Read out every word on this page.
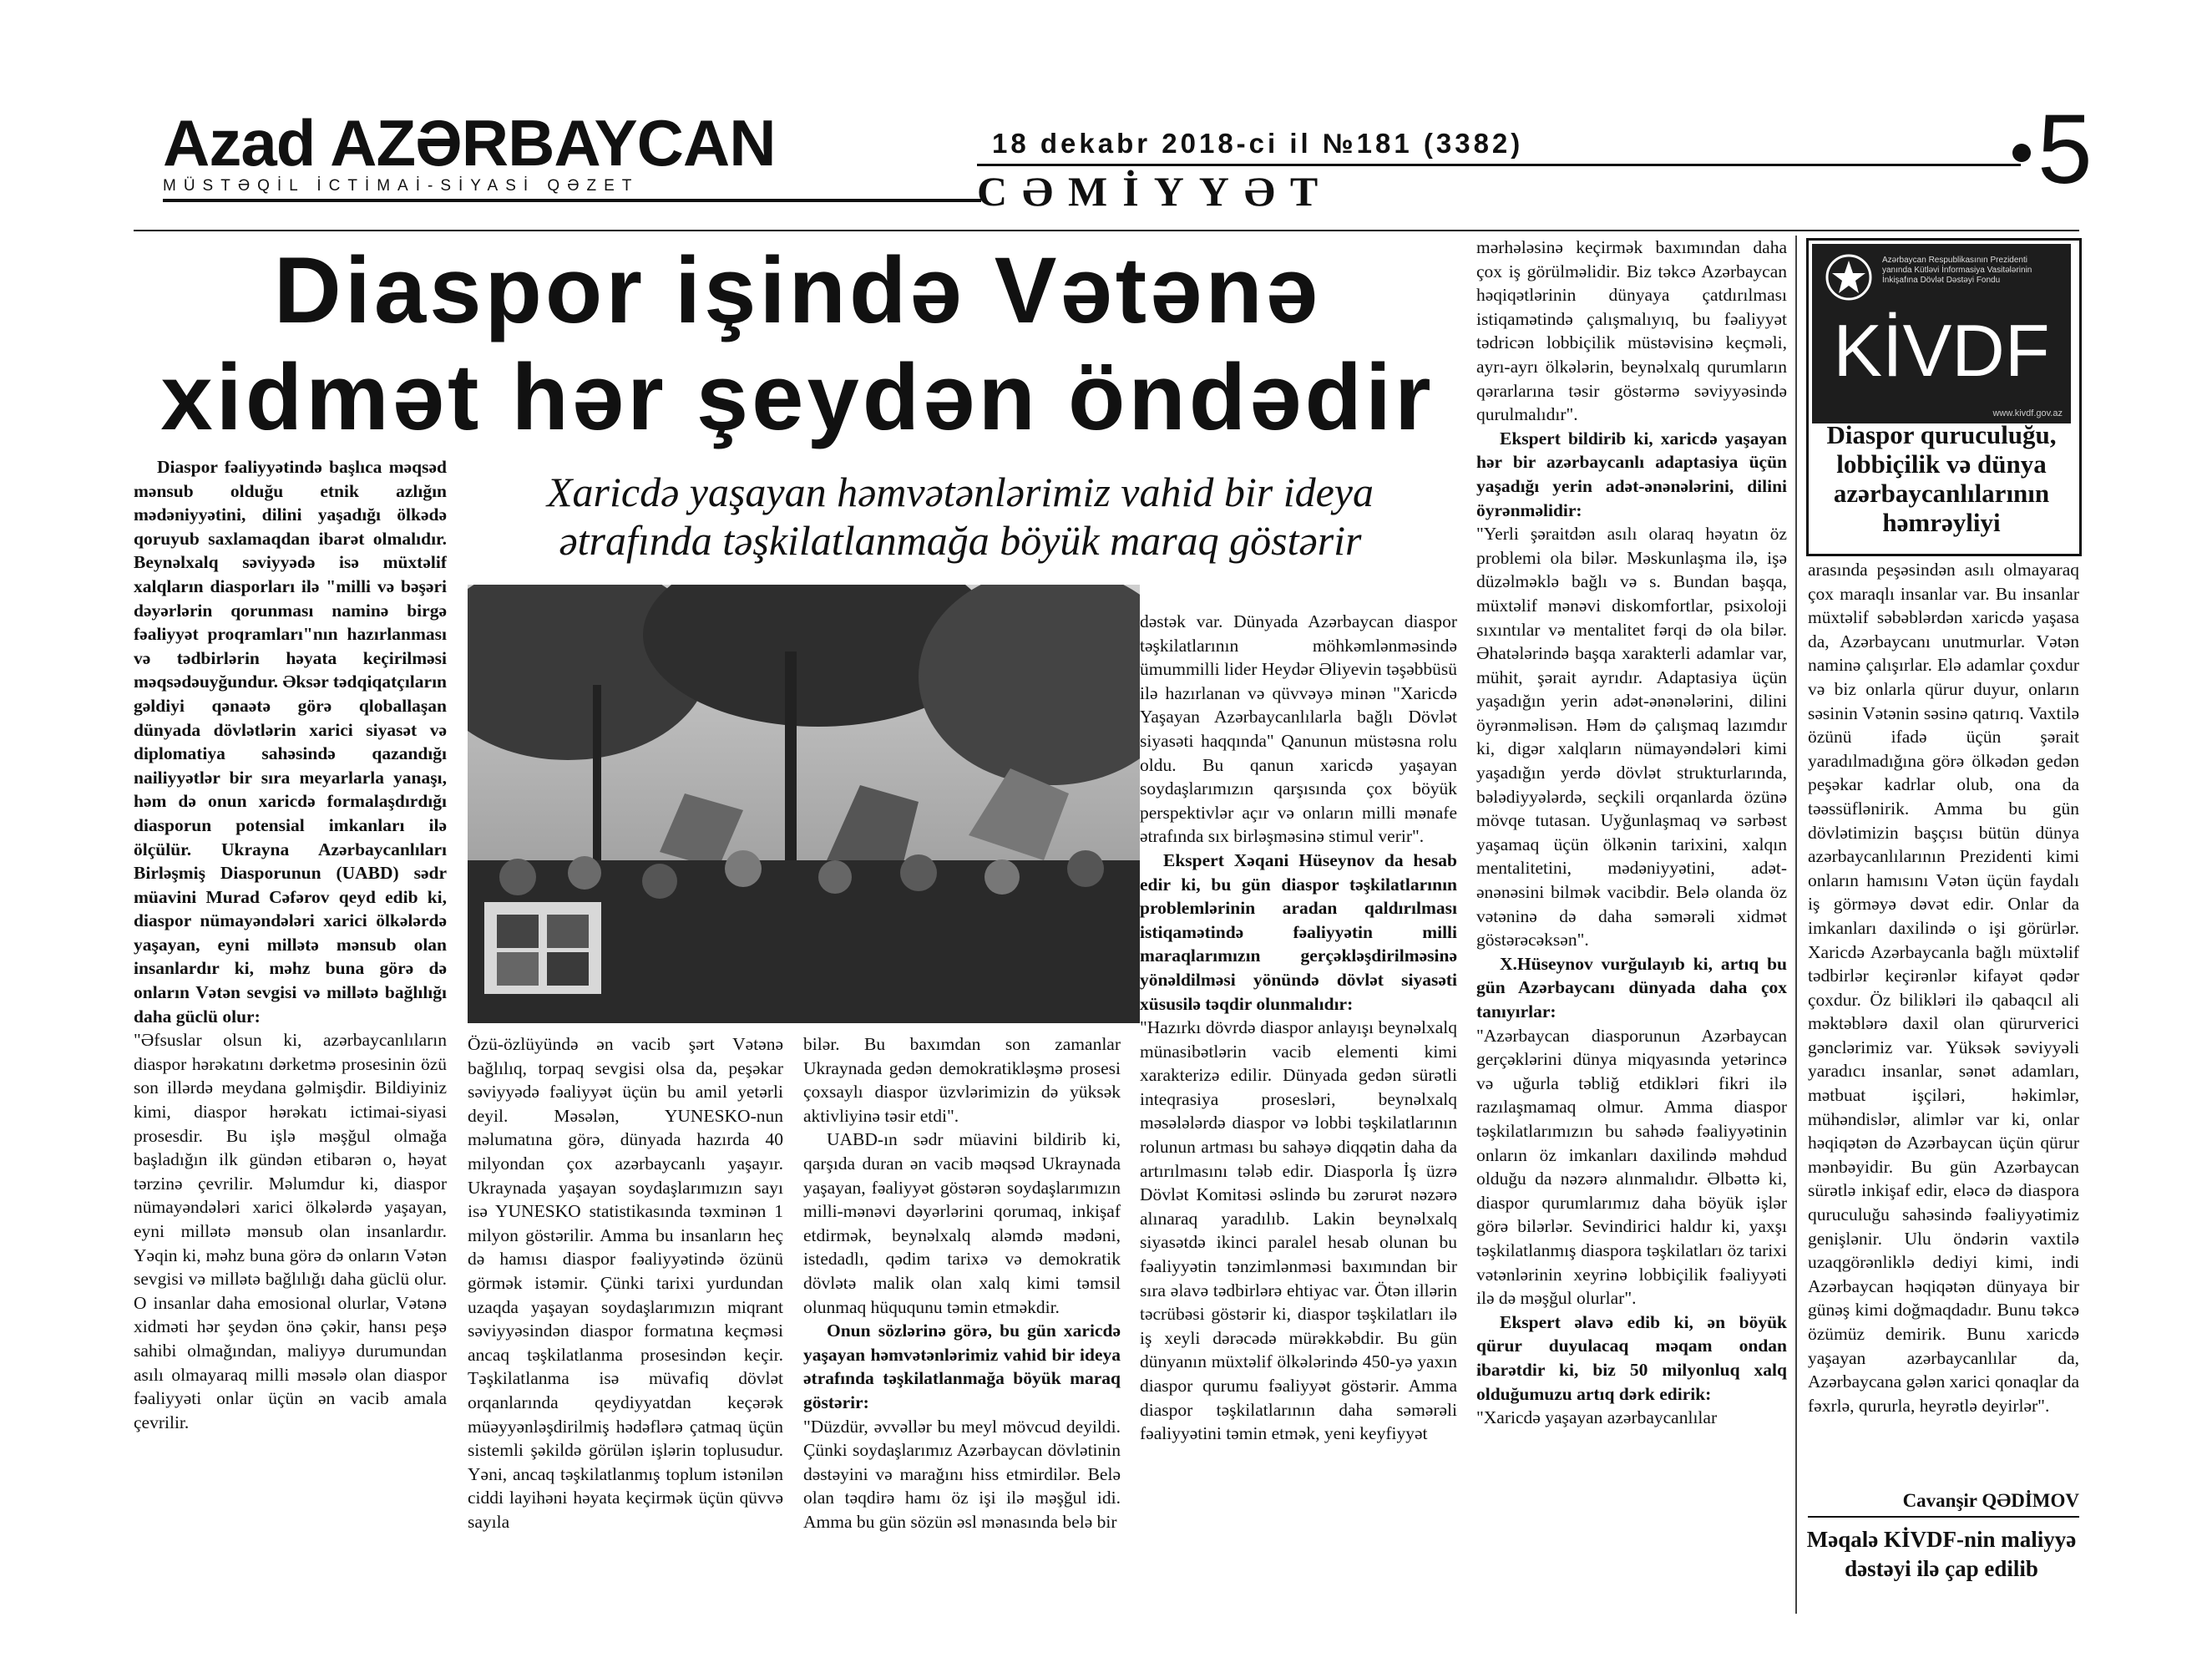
Azad AZƏRBAYCAN
MÜSTƏQİL İCTİMAİ-SİYASİ QƏZET
18 dekabr 2018-ci il №181 (3382)
CƏMİYYƏT	5
Diaspor işində Vətənə
xidmət hər şeydən öndədir
Xaricdə yaşayan həmvətənlərimiz vahid bir ideya
ətrafında təşkilatlanmağa böyük maraq göstərir

Diaspor fəaliyyətində başlıca məqsəd mənsub olduğu etnik azlığın mədəniyyətini, dilini yaşadığı ölkədə qoruyub saxlamaqdan ibarət olmalıdır. Beynəlxalq səviyyədə isə müxtəlif xalqların diasporları ilə "milli və bəşəri dəyərlərin qorunması naminə birgə fəaliyyət proqramları"nın hazırlanması və tədbirlərin həyata keçirilməsi məqsədəuyğundur. Əksər tədqiqatçıların gəldiyi qənaətə görə qloballaşan dünyada dövlətlərin xarici siyasət və diplomatiya sahəsində qazandığı nailiyyətlər bir sıra meyarlarla yanaşı, həm də onun xaricdə formalaşdırdığı diasporun potensial imkanları ilə ölçülür. Ukrayna Azərbaycanlıları Birləşmiş Diasporunun (UABD) sədr müavini Murad Cəfərov qeyd edib ki, diaspor nümayəndələri xarici ölkələrdə yaşayan, eyni millətə mənsub olan insanlardır ki, məhz buna görə də onların Vətən sevgisi və millətə bağlılığı daha güclü olur:

"Əfsuslar olsun ki, azərbaycanlıların diaspor hərəkatını dərketmə prosesinin özü son illərdə meydana gəlmişdir. Bildiyiniz kimi, diaspor hərəkatı ictimai-siyasi prosesdir. Bu işlə məşğul olmağa başladığın ilk gündən etibarən o, həyat tərzinə çevrilir. Məlumdur ki, diaspor nümayəndələri xarici ölkələrdə yaşayan, eyni millətə mənsub olan insanlardır. Yəqin ki, məhz buna görə də onların Vətən sevgisi və millətə bağlılığı daha güclü olur. O insanlar daha emosional olurlar, Vətənə xidməti hər şeydən önə çəkir, hansı peşə sahibi olmağından, maliyyə durumundan asılı olmayaraq milli məsələ olan diaspor fəaliyyəti onlar üçün ən vacib amala çevrilir.

Özü-özlüyündə ən vacib şərt Vətənə bağlılıq, torpaq sevgisi olsa da, peşəkar səviyyədə fəaliyyət üçün bu amil yetərli deyil. Məsələn, YUNESKO-nun məlumatına görə, dünyada hazırda 40 milyondan çox azərbaycanlı yaşayır. Ukraynada yaşayan soydaşlarımızın sayı isə YUNESKO statistikasında təxminən 1 milyon göstərilir. Amma bu insanların heç də hamısı diaspor fəaliyyətində özünü görmək istəmir. Çünki tarixi yurdundan uzaqda yaşayan soydaşlarımızın miqrant səviyyəsindən diaspor formatına keçməsi ancaq təşkilatlanma prosesindən keçir. Təşkilatlanma isə müvafiq dövlət orqanlarında qeydiyyatdan keçərək müəyyənləşdirilmiş hədəflərə çatmaq üçün sistemli şəkildə görülən işlərin toplusudur. Yəni, ancaq təşkilatlanmış toplum istənilən ciddi layihəni həyata keçirmək üçün qüvvə sayıla

bilər. Bu baxımdan son zamanlar Ukraynada gedən demokratikləşmə prosesi çoxsaylı diaspor üzvlərimizin də yüksək aktivliyinə təsir etdi".

UABD-ın sədr müavini bildirib ki, qarşıda duran ən vacib məqsəd Ukraynada yaşayan, fəaliyyət göstərən soydaşlarımızın milli-mənəvi dəyərlərini qorumaq, inkişaf etdirmək, beynəlxalq aləmdə mədəni, istedadlı, qədim tarixə və demokratik dövlətə malik olan xalq kimi təmsil olunmaq hüququnu təmin etməkdir.

Onun sözlərinə görə, bu gün xaricdə yaşayan həmvətənlərimiz vahid bir ideya ətrafında təşkilatlanmağa böyük maraq göstərir:

"Düzdür, əvvəllər bu meyl mövcud deyildi. Çünki soydaşlarımız Azərbaycan dövlətinin dəstəyini və marağını hiss etmirdilər. Belə olan təqdirə hamı öz işi ilə məşğul idi. Amma bu gün sözün əsl mənasında belə bir

dəstək var. Dünyada Azərbaycan diaspor təşkilatlarının möhkəmlənməsində ümummilli lider Heydər Əliyevin təşəbbüsü ilə hazırlanan və qüvvəyə minən "Xaricdə Yaşayan Azərbaycanlılarla bağlı Dövlət siyasəti haqqında" Qanunun müstəsna rolu oldu. Bu qanun xaricdə yaşayan soydaşlarımızın qarşısında çox böyük perspektivlər açır və onların milli mənafe ətrafında sıx birləşməsinə stimul verir".

Ekspert Xəqani Hüseynov da hesab edir ki, bu gün diaspor təşkilatlarının problemlərinin aradan qaldırılması istiqamətində fəaliyyətin milli maraqlarımızın gerçəkləşdirilməsinə yönəldilməsi yönündə dövlət siyasəti xüsusilə təqdir olunmalıdır:

"Hazırkı dövrdə diaspor anlayışı beynəlxalq münasibətlərin vacib elementi kimi xarakterizə edilir. Dünyada gedən sürətli inteqrasiya prosesləri, beynəlxalq məsələlərdə diaspor və lobbi təşkilatlarının rolunun artması bu sahəyə diqqətin daha da artırılmasını tələb edir. Diasporla İş üzrə Dövlət Komitəsi əslində bu zərurət nəzərə alınaraq yaradılıb. Lakin beynəlxalq siyasətdə ikinci paralel hesab olunan bu fəaliyyətin tənzimlənməsi baxımından bir sıra əlavə tədbirlərə ehtiyac var. Ötən illərin təcrübəsi göstərir ki, diaspor təşkilatları ilə iş xeyli dərəcədə mürəkkəbdir. Bu gün dünyanın müxtəlif ölkələrində 450-yə yaxın diaspor qurumu fəaliyyət göstərir. Amma diaspor təşkilatlarının daha səmərəli fəaliyyətini təmin etmək, yeni keyfiyyət

mərhələsinə keçirmək baxımından daha çox iş görülməlidir. Biz təkcə Azərbaycan həqiqətlərinin dünyaya çatdırılması istiqamətində çalışmalıyıq, bu fəaliyyət tədricən lobbiçilik müstəvisinə keçməli, ayrı-ayrı ölkələrin, beynəlxalq qurumların qərarlarına təsir göstərmə səviyyəsində qurulmalıdır".

Ekspert bildirib ki, xaricdə yaşayan hər bir azərbaycanlı adaptasiya üçün yaşadığı yerin adət-ənənələrini, dilini öyrənməlidir:

"Yerli şəraitdən asılı olaraq həyatın öz problemi ola bilər. Məskunlaşma ilə, işə düzəlməklə bağlı və s. Bundan başqa, müxtəlif mənəvi diskomfortlar, psixoloji sıxıntılar və mentalitet fərqi də ola bilər. Əhatələrində başqa xarakterli adamlar var, mühit, şərait ayrıdır. Adaptasiya üçün yaşadığın yerin adət-ənənələrini, dilini öyrənməlisən. Həm də çalışmaq lazımdır ki, digər xalqların nümayəndələri kimi yaşadığın yerdə dövlət strukturlarında, bələdiyyələrdə, seçkili orqanlarda özünə mövqe tutasan. Uyğunlaşmaq və sərbəst yaşamaq üçün ölkənin tarixini, xalqın mentalitetini, mədəniyyətini, adət-ənənəsini bilmək vacibdir. Belə olanda öz vətəninə də daha səmərəli xidmət göstərəcəksən".

X.Hüseynov vurğulayıb ki, artıq bu gün Azərbaycanı dünyada daha çox tanıyırlar:

"Azərbaycan diasporunun Azərbaycan gerçəklərini dünya miqyasında yetərincə və uğurla təbliğ etdikləri fikri ilə razılaşmamaq olmur. Amma diaspor təşkilatlarımızın bu sahədə fəaliyyətinin onların öz imkanları daxilində məhdud olduğu da nəzərə alınmalıdır. Əlbəttə ki, diaspor qurumlarımız daha böyük işlər görə bilərlər. Sevindirici haldır ki, yaxşı təşkilatlanmış diaspora təşkilatları öz tarixi vətənlərinin xeyrinə lobbiçilik fəaliyyəti ilə də məşğul olurlar".

Ekspert əlavə edib ki, ən böyük qürur duyulacaq məqam ondan ibarətdir ki, biz 50 milyonluq xalq olduğumuzu artıq dərk edirik:

"Xaricdə yaşayan azərbaycanlılar

Azərbaycan Respublikasının Prezidenti yanında Kütləvi İnformasiya Vasitələrinin İnkişafına Dövlət Dəstəyi Fondu
KİVDF
www.kivdf.gov.az
Diaspor quruculuğu, lobbiçilik və dünya azərbaycanlılarının həmrəyliyi

arasında peşəsindən asılı olmayaraq çox maraqlı insanlar var. Bu insanlar müxtəlif səbəblərdən xaricdə yaşasa da, Azərbaycanı unutmurlar. Vətən naminə çalışırlar. Elə adamlar çoxdur və biz onlarla qürur duyur, onların səsinin Vətənin səsinə qatırıq. Vaxtilə özünü ifadə üçün şərait yaradılmadığına görə ölkədən gedən peşəkar kadrlar olub, ona da təəssüflənirik. Amma bu gün dövlətimizin başçısı bütün dünya azərbaycanlılarının Prezidenti kimi onların hamısını Vətən üçün faydalı iş görməyə dəvət edir. Onlar da imkanları daxilində o işi görürlər. Xaricdə Azərbaycanla bağlı müxtəlif tədbirlər keçirənlər kifayət qədər çoxdur. Öz bilikləri ilə qabaqcıl ali məktəblərə daxil olan qürurverici gənclərimiz var. Yüksək səviyyəli yaradıcı insanlar, sənət adamları, mətbuat işçiləri, həkimlər, mühəndislər, alimlər var ki, onlar həqiqətən də Azərbaycan üçün qürur mənbəyidir. Bu gün Azərbaycan sürətlə inkişaf edir, eləcə də diaspora quruculuğu sahəsində fəaliyyətimiz genişlənir. Ulu öndərin vaxtilə uzaqgörənliklə dediyi kimi, indi Azərbaycan həqiqətən dünyaya bir günəş kimi doğmaqdadır. Bunu təkcə özümüz demirik. Bunu xaricdə yaşayan azərbaycanlılar da, Azərbaycana gələn xarici qonaqlar da fəxrlə, qururla, heyrətlə deyirlər".

Cavanşir QƏDİMOV
Məqalə KİVDF-nin maliyyə dəstəyi ilə çap edilib
